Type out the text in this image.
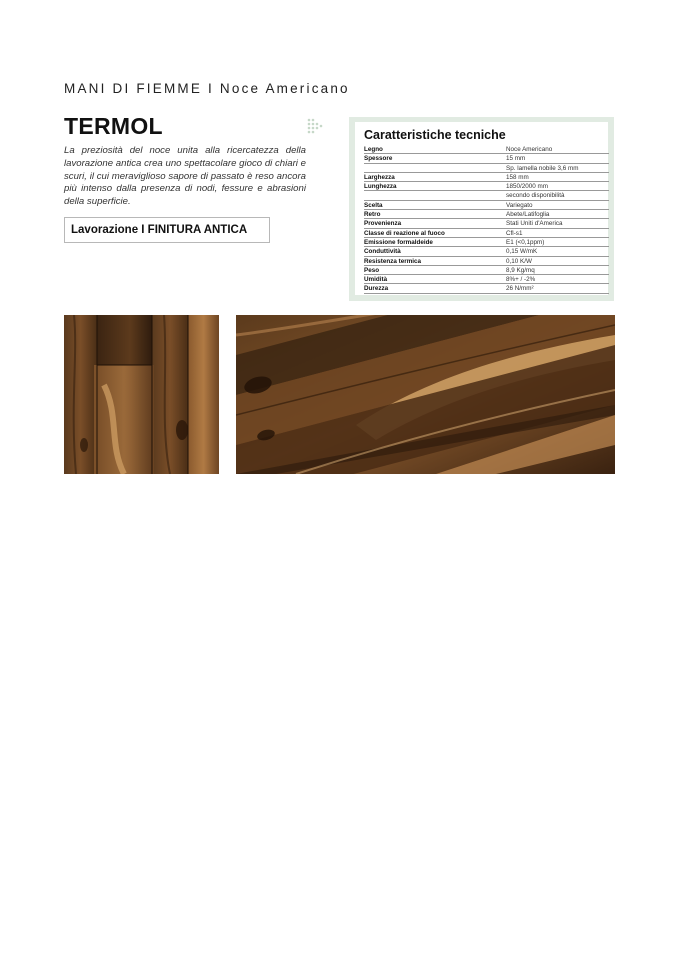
MANI DI FIEMME I Noce Americano
TERMOL
La preziosità del noce unita alla ricercatezza della lavorazione antica crea uno spettacolare gioco di chiari e scuri, il cui meraviglioso sapore di passato è reso ancora più intenso dalla presenza di nodi, fessure e abrasioni della superficie.
Lavorazione I FINITURA ANTICA
Caratteristiche tecniche
Legno	Noce Americano
Spessore	15 mm
Sp. lamella nobile 3,6 mm
Larghezza	158 mm
Lunghezza	1850/2000 mm
secondo disponibilità
Scelta	Variegato
Retro	Abete/Latifoglia
Provenienza	Stati Uniti d'America
Classe di reazione al fuoco	Cfl-s1
Emissione formaldeide	E1 (<0,1ppm)
Conduttività	0,15 W/mK
Resistenza termica	0,10 K/W
Peso	8,9 Kg/mq
Umidità	8%+ / -2%
Durezza	26 N/mm²
